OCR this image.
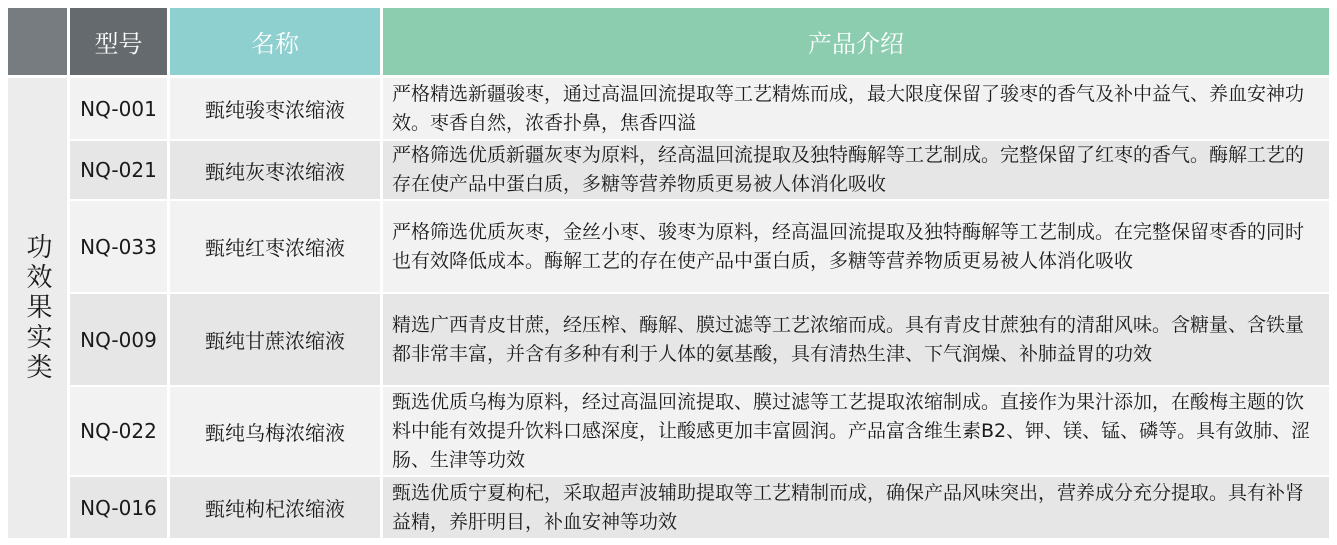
型号	名称	产品介绍
功效果实类
NQ-001 甄纯骏枣浓缩液
严格精选新疆骏枣，通过高温回流提取等工艺精炼而成，最大限度保留了骏枣的香气及补中益气、养血安神功效。枣香自然，浓香扑鼻，焦香四溢
NQ-021 甄纯灰枣浓缩液
严格筛选优质新疆灰枣为原料，经高温回流提取及独特酶解等工艺制成。完整保留了红枣的香气。酶解工艺的存在使产品中蛋白质，多糖等营养物质更易被人体消化吸收
NQ-033 甄纯红枣浓缩液
严格筛选优质灰枣，金丝小枣、骏枣为原料，经高温回流提取及独特酶解等工艺制成。在完整保留枣香的同时也有效降低成本。酶解工艺的存在使产品中蛋白质，多糖等营养物质更易被人体消化吸收
NQ-009 甄纯甘蔗浓缩液
精选广西青皮甘蔗，经压榨、酶解、膜过滤等工艺浓缩而成。具有青皮甘蔗独有的清甜风味。含糖量、含铁量都非常丰富，并含有多种有利于人体的氨基酸，具有清热生津、下气润燥、补肺益胃的功效
NQ-022 甄纯乌梅浓缩液
甄选优质乌梅为原料，经过高温回流提取、膜过滤等工艺提取浓缩制成。直接作为果汁添加，在酸梅主题的饮料中能有效提升饮料口感深度，让酸感更加丰富圆润。产品富含维生素B2、钾、镁、锰、磷等。具有敛肺、涩肠、生津等功效
NQ-016 甄纯枸杞浓缩液
甄选优质宁夏枸杞，采取超声波辅助提取等工艺精制而成，确保产品风味突出，营养成分充分提取。具有补肾益精，养肝明目，补血安神等功效
